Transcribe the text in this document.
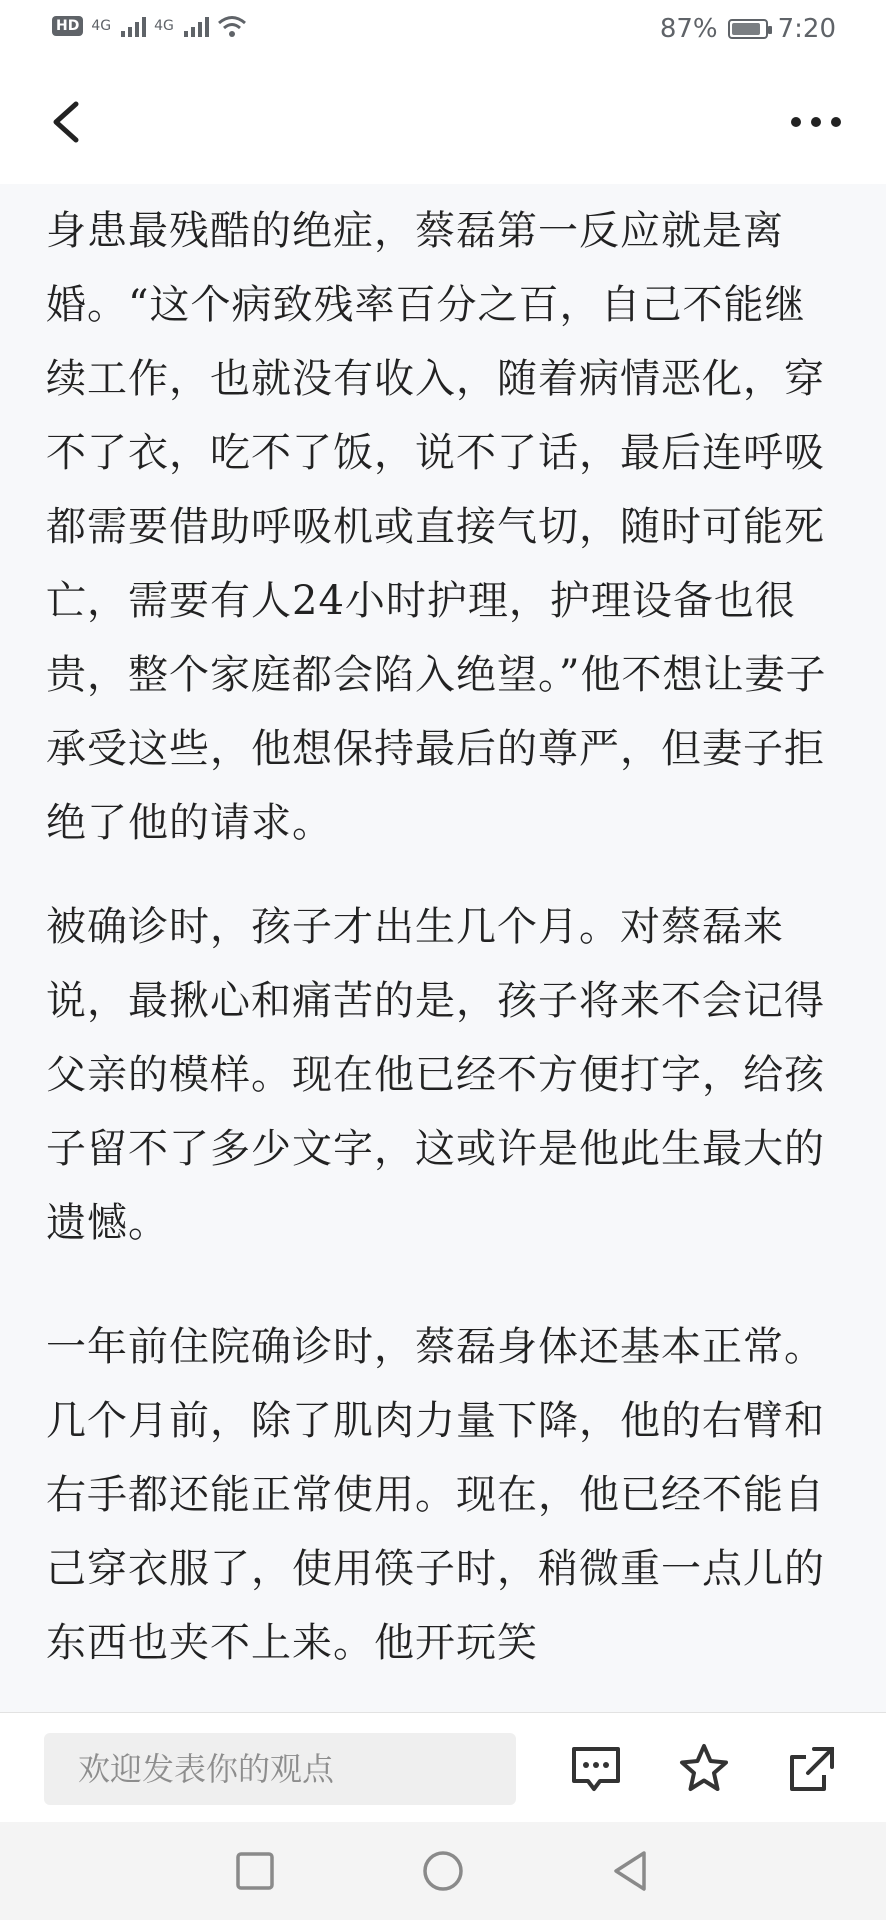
HD 4G	4G	87% 7:20

身患最残酷的绝症，蔡磊第一反应就是离婚。“这个病致残率百分之百，自己不能继续工作，也就没有收入，随着病情恶化，穿不了衣，吃不了饭，说不了话，最后连呼吸都需要借助呼吸机或直接气切，随时可能死亡，需要有人24小时护理，护理设备也很贵，整个家庭都会陷入绝望。”他不想让妻子承受这些，他想保持最后的尊严，但妻子拒绝了他的请求。

被确诊时，孩子才出生几个月。对蔡磊来说，最揪心和痛苦的是，孩子将来不会记得父亲的模样。现在他已经不方便打字，给孩子留不了多少文字，这或许是他此生最大的遗憾。

一年前住院确诊时，蔡磊身体还基本正常。几个月前，除了肌肉力量下降，他的右臂和右手都还能正常使用。现在，他已经不能自己穿衣服了，使用筷子时，稍微重一点儿的东西也夹不上来。他开玩笑

欢迎发表你的观点
